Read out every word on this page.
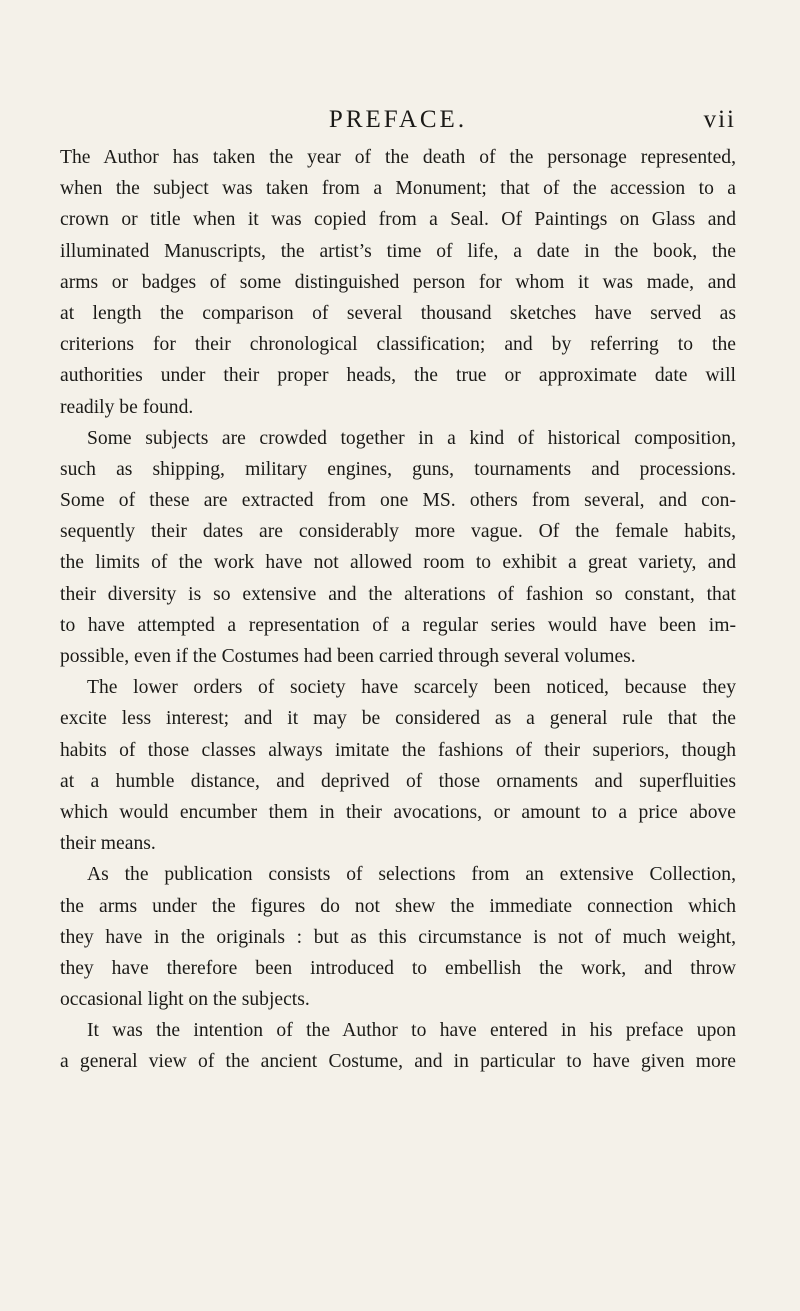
PREFACE.	vii
The Author has taken the year of the death of the personage represented,
when the subject was taken from a Monument; that of the accession to a
crown or title when it was copied from a Seal. Of Paintings on Glass and
illuminated Manuscripts, the artist’s time of life, a date in the book, the
arms or badges of some distinguished person for whom it was made, and
at length the comparison of several thousand sketches have served as
criterions for their chronological classification; and by referring to the
authorities under their proper heads, the true or approximate date will
readily be found.
Some subjects are crowded together in a kind of historical composition,
such as shipping, military engines, guns, tournaments and processions.
Some of these are extracted from one MS. others from several, and con-
sequently their dates are considerably more vague. Of the female habits,
the limits of the work have not allowed room to exhibit a great variety, and
their diversity is so extensive and the alterations of fashion so constant, that
to have attempted a representation of a regular series would have been im-
possible, even if the Costumes had been carried through several volumes.
The lower orders of society have scarcely been noticed, because they
excite less interest; and it may be considered as a general rule that the
habits of those classes always imitate the fashions of their superiors, though
at a humble distance, and deprived of those ornaments and superfluities
which would encumber them in their avocations, or amount to a price above
their means.
As the publication consists of selections from an extensive Collection,
the arms under the figures do not shew the immediate connection which
they have in the originals : but as this circumstance is not of much weight,
they have therefore been introduced to embellish the work, and throw
occasional light on the subjects.
It was the intention of the Author to have entered in his preface upon
a general view of the ancient Costume, and in particular to have given more
